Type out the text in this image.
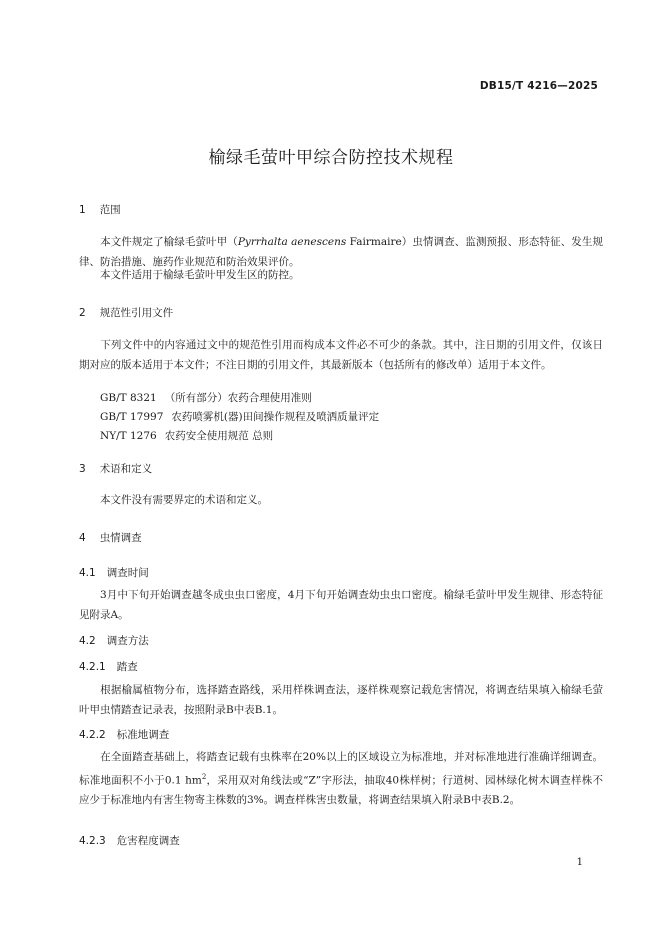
DB15/T 4216—2025
榆绿毛萤叶甲综合防控技术规程
1 范围
本文件规定了榆绿毛萤叶甲（Pyrrhalta aenescens Fairmaire）虫情调查、监测预报、形态特征、发生规律、防治措施、施药作业规范和防治效果评价。
本文件适用于榆绿毛萤叶甲发生区的防控。
2 规范性引用文件
下列文件中的内容通过文中的规范性引用而构成本文件必不可少的条款。其中，注日期的引用文件，仅该日期对应的版本适用于本文件；不注日期的引用文件，其最新版本（包括所有的修改单）适用于本文件。
GB/T 8321 （所有部分）农药合理使用准则
GB/T 17997 农药喷雾机(器)田间操作规程及喷洒质量评定
NY/T 1276 农药安全使用规范 总则
3 术语和定义
本文件没有需要界定的术语和定义。
4 虫情调查
4.1 调查时间
3月中下旬开始调查越冬成虫虫口密度，4月下旬开始调查幼虫虫口密度。榆绿毛萤叶甲发生规律、形态特征见附录A。
4.2 调查方法
4.2.1 踏查
根据榆属植物分布，选择踏查路线，采用样株调查法，逐样株观察记载危害情况，将调查结果填入榆绿毛萤叶甲虫情踏查记录表，按照附录B中表B.1。
4.2.2 标准地调查
在全面踏查基础上，将踏查记载有虫株率在20%以上的区域设立为标准地，并对标准地进行准确详细调查。标准地面积不小于0.1 $hm^2$，采用双对角线法或“Z”字形法，抽取40株样树；行道树、园林绿化树木调查样株不应少于标准地内有害生物寄主株数的3%。调查样株害虫数量，将调查结果填入附录B中表B.2。
4.2.3 危害程度调查
1
